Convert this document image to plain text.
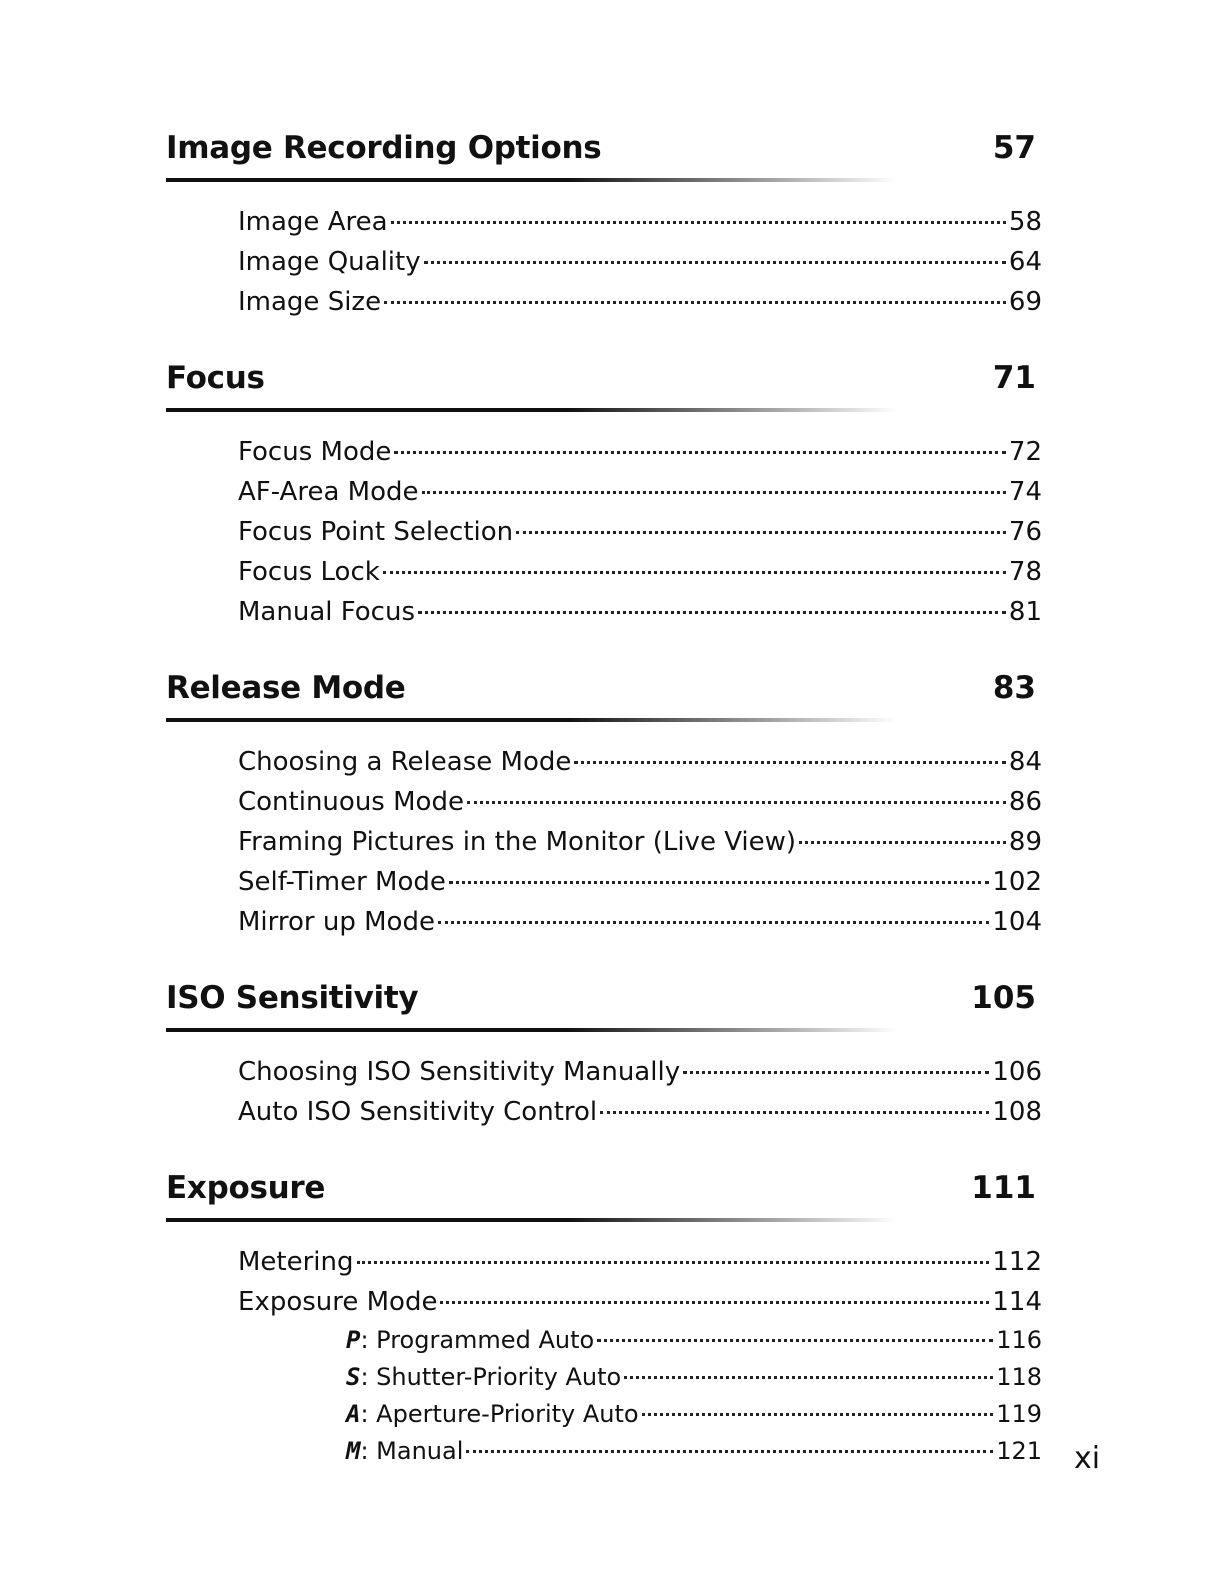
Image Recording Options	57
Image Area	58
Image Quality	64
Image Size	69
Focus	71
Focus Mode	72
AF-Area Mode	74
Focus Point Selection	76
Focus Lock	78
Manual Focus	81
Release Mode	83
Choosing a Release Mode	84
Continuous Mode	86
Framing Pictures in the Monitor (Live View)	89
Self-Timer Mode	102
Mirror up Mode	104
ISO Sensitivity	105
Choosing ISO Sensitivity Manually	106
Auto ISO Sensitivity Control	108
Exposure	111
Metering	112
Exposure Mode	114
P: Programmed Auto	116
S: Shutter-Priority Auto	118
A: Aperture-Priority Auto	119
M: Manual	121 xi
